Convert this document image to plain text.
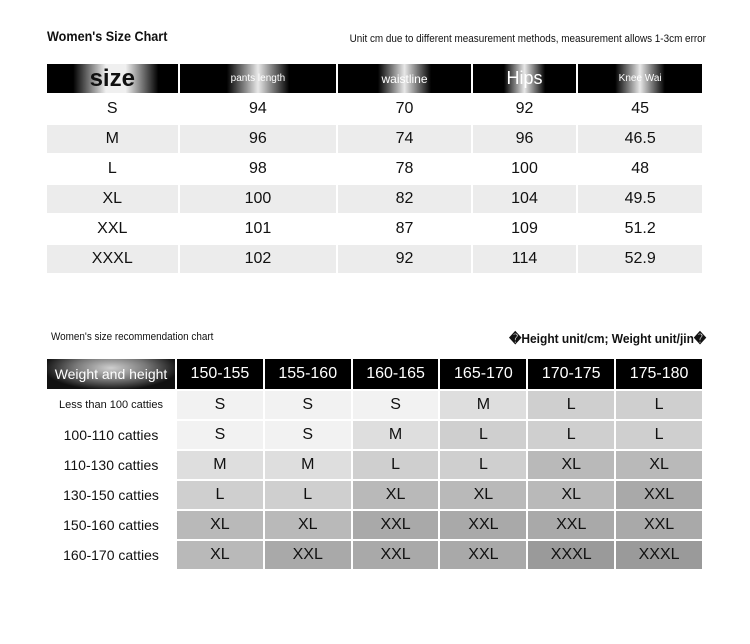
Women's Size Chart	Unit cm due to different measurement methods, measurement allows 1-3cm error
size	pants length	waistline	Hips	Knee Wai
S	94	70	92	45
M	96	74	96	46.5
L	98	78	100	48
XL	100	82	104	49.5
XXL	101	87	109	51.2
XXXL	102	92	114	52.9
Women's size recommendation chart	�Height unit/cm; Weight unit/jin�
Weight and height	150-155	155-160	160-165	165-170	170-175	175-180
Less than 100 catties	S	S	S	M	L	L
100-110 catties	S	S	M	L	L	L
110-130 catties	M	M	L	L	XL	XL
130-150 catties	L	L	XL	XL	XL	XXL
150-160 catties	XL	XL	XXL	XXL	XXL	XXL
160-170 catties	XL	XXL	XXL	XXL	XXXL	XXXL
